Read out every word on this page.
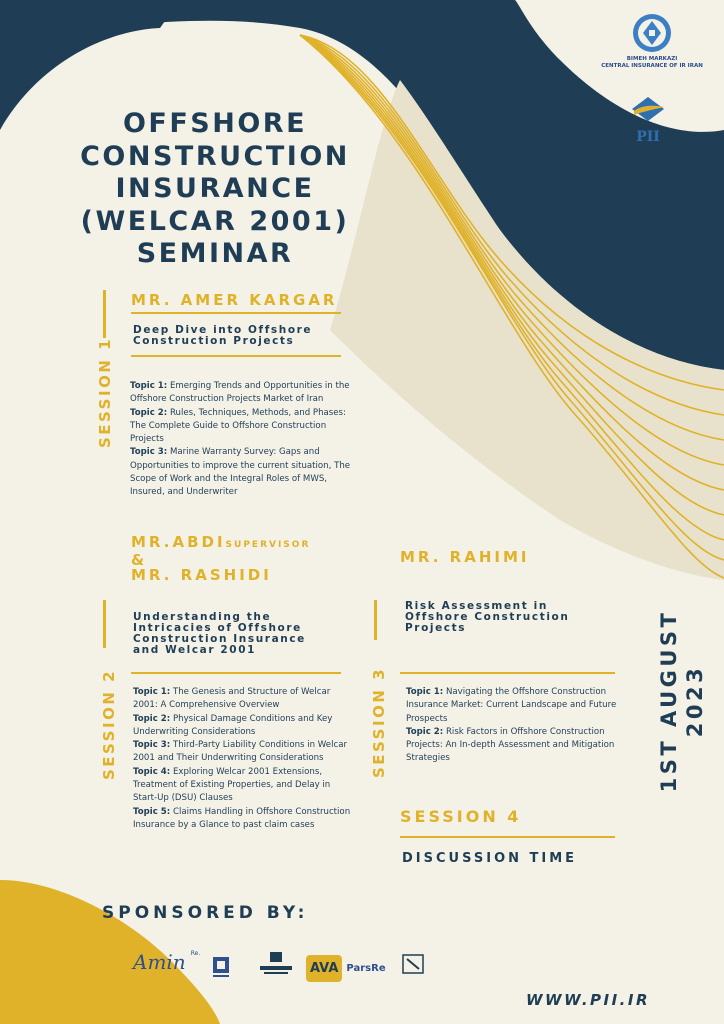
BIMEH MARKAZI
CENTRAL INSURANCE OF IR IRAN
PII
OFFSHORE
CONSTRUCTION
INSURANCE
(WELCAR 2001)
SEMINAR
SESSION 1
MR. AMER KARGAR
Deep Dive into Offshore
Construction Projects
Topic 1: Emerging Trends and Opportunities in the Offshore Construction Projects Market of Iran
Topic 2: Rules, Techniques, Methods, and Phases: The Complete Guide to Offshore Construction Projects
Topic 3: Marine Warranty Survey: Gaps and Opportunities to improve the current situation, The Scope of Work and the Integral Roles of MWS, Insured, and Underwriter
MR.ABDISUPERVISOR
&
MR. RASHIDI
MR. RAHIMI
SESSION 2
Understanding the
Intricacies of Offshore
Construction Insurance
and Welcar 2001
Topic 1: The Genesis and Structure of Welcar 2001: A Comprehensive Overview
Topic 2: Physical Damage Conditions and Key Underwriting Considerations
Topic 3: Third-Party Liability Conditions in Welcar 2001 and Their Underwriting Considerations
Topic 4: Exploring Welcar 2001 Extensions, Treatment of Existing Properties, and Delay in Start-Up (DSU) Clauses
Topic 5: Claims Handling in Offshore Construction Insurance by a Glance to past claim cases
SESSION 3
Risk Assessment in
Offshore Construction
Projects
Topic 1: Navigating the Offshore Construction Insurance Market: Current Landscape and Future Prospects
Topic 2: Risk Factors in Offshore Construction Projects: An In-depth Assessment and Mitigation Strategies
SESSION 4
DISCUSSION TIME
1ST AUGUST 2023
SPONSORED BY:
Amin $^{Re.}$
AVA ParsRe
WWW.PII.IR
